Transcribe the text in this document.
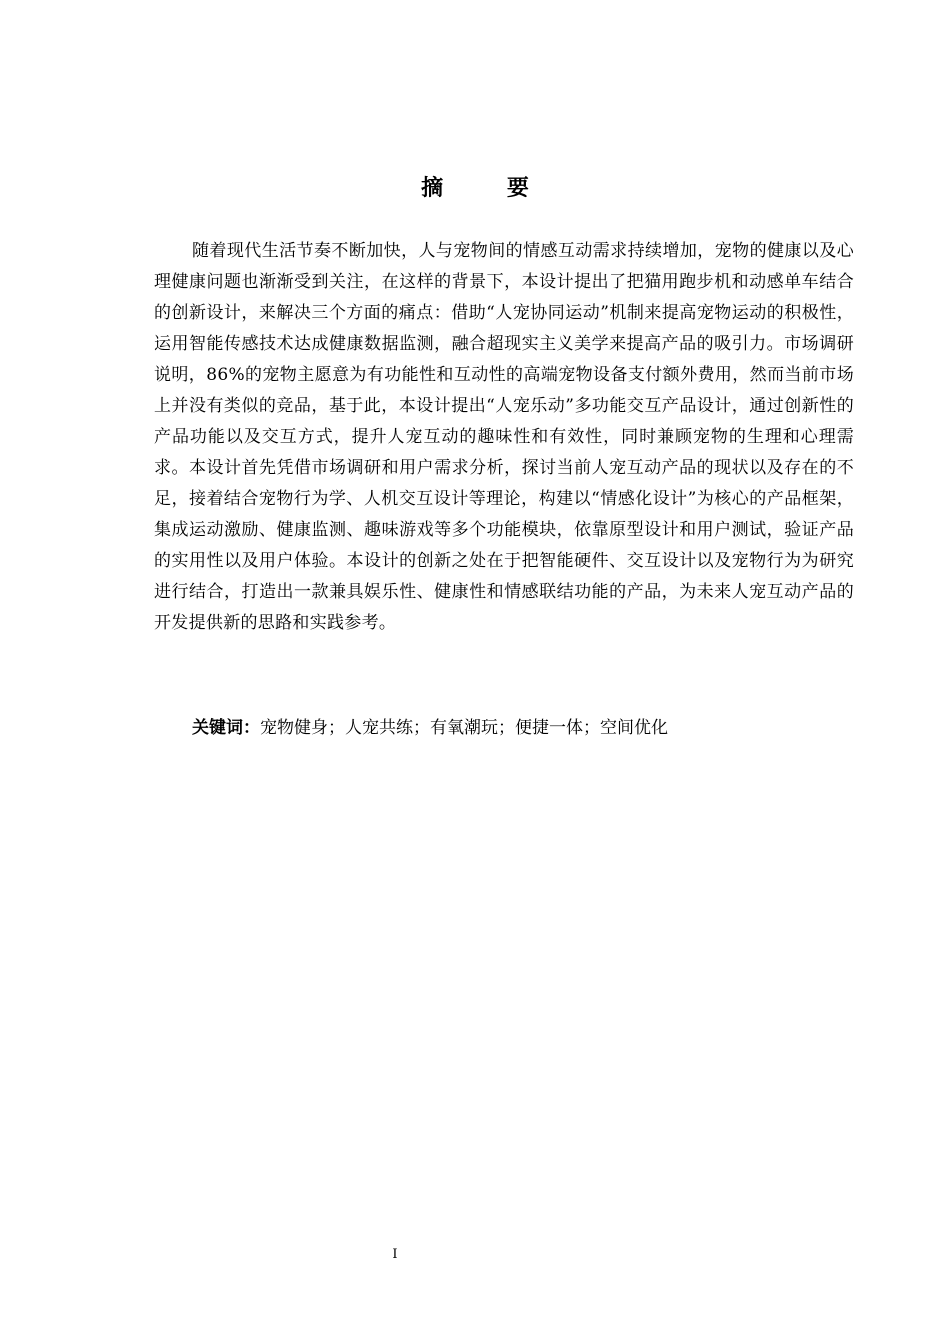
摘 要

随着现代生活节奏不断加快，人与宠物间的情感互动需求持续增加，宠物的健康以及心理健康问题也渐渐受到关注，在这样的背景下，本设计提出了把猫用跑步机和动感单车结合的创新设计，来解决三个方面的痛点：借助“人宠协同运动”机制来提高宠物运动的积极性，运用智能传感技术达成健康数据监测，融合超现实主义美学来提高产品的吸引力。市场调研说明，86%的宠物主愿意为有功能性和互动性的高端宠物设备支付额外费用，然而当前市场上并没有类似的竞品，基于此，本设计提出“人宠乐动”多功能交互产品设计，通过创新性的产品功能以及交互方式，提升人宠互动的趣味性和有效性，同时兼顾宠物的生理和心理需求。本设计首先凭借市场调研和用户需求分析，探讨当前人宠互动产品的现状以及存在的不足，接着结合宠物行为学、人机交互设计等理论，构建以“情感化设计”为核心的产品框架，集成运动激励、健康监测、趣味游戏等多个功能模块，依靠原型设计和用户测试，验证产品的实用性以及用户体验。本设计的创新之处在于把智能硬件、交互设计以及宠物行为为研究进行结合，打造出一款兼具娱乐性、健康性和情感联结功能的产品，为未来人宠互动产品的开发提供新的思路和实践参考。

关键词：宠物健身；人宠共练；有氧潮玩；便捷一体；空间优化

I
